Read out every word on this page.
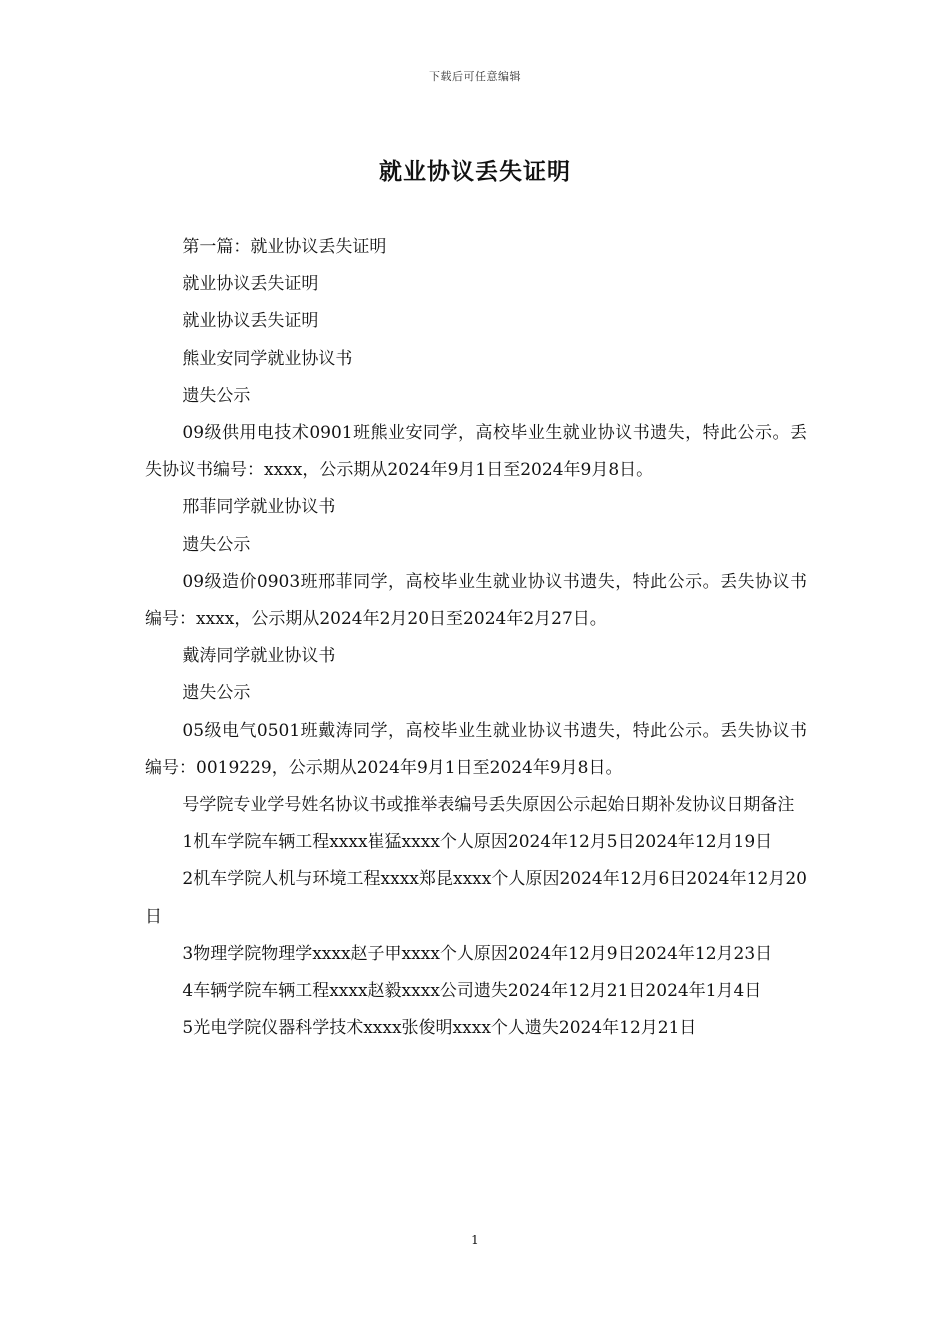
下载后可任意编辑
就业协议丢失证明

第一篇：就业协议丢失证明

就业协议丢失证明

就业协议丢失证明

熊业安同学就业协议书

遗失公示

09级供用电技术0901班熊业安同学，高校毕业生就业协议书遗失，特此公示。丢失协议书编号：xxxx，公示期从2024年9月1日至2024年9月8日。

邢菲同学就业协议书

遗失公示

09级造价0903班邢菲同学，高校毕业生就业协议书遗失，特此公示。丢失协议书编号：xxxx，公示期从2024年2月20日至2024年2月27日。

戴涛同学就业协议书

遗失公示

05级电气0501班戴涛同学，高校毕业生就业协议书遗失，特此公示。丢失协议书编号：0019229，公示期从2024年9月1日至2024年9月8日。

号学院专业学号姓名协议书或推举表编号丢失原因公示起始日期补发协议日期备注

1机车学院车辆工程xxxx崔猛xxxx个人原因2024年12月5日2024年12月19日

2机车学院人机与环境工程xxxx郑昆xxxx个人原因2024年12月6日2024年12月20日

3物理学院物理学xxxx赵子甲xxxx个人原因2024年12月9日2024年12月23日

4车辆学院车辆工程xxxx赵毅xxxx公司遗失2024年12月21日2024年1月4日

5光电学院仪器科学技术xxxx张俊明xxxx个人遗失2024年12月21日

1
